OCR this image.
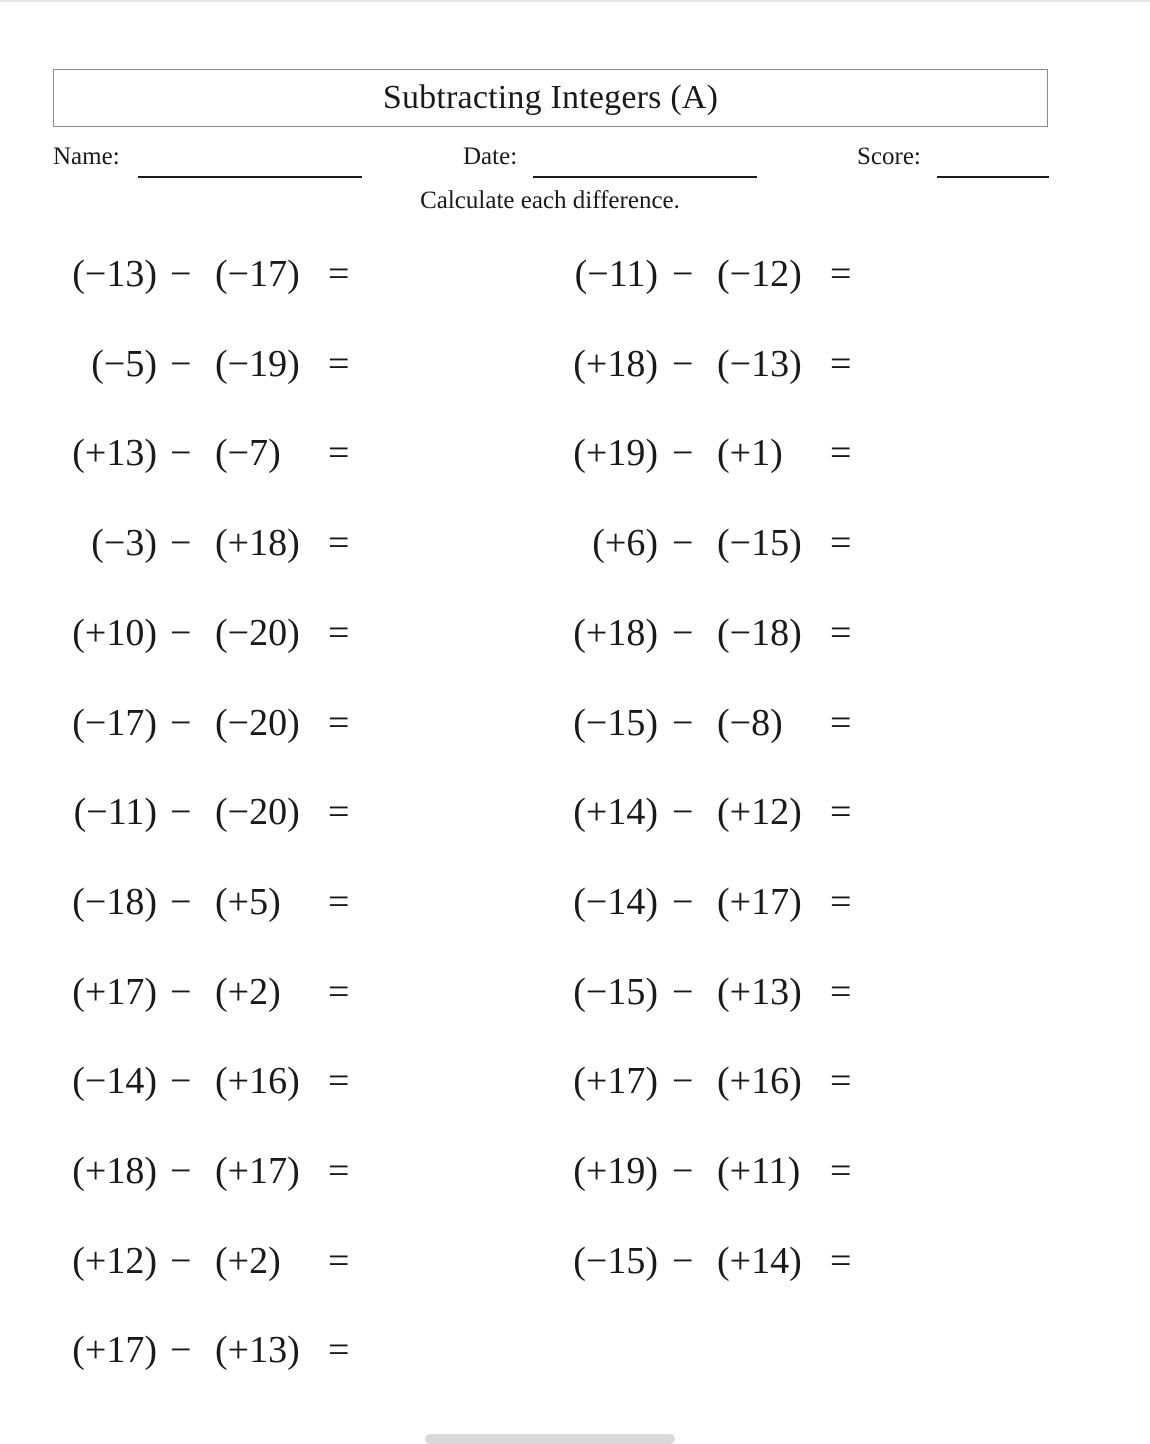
Subtracting Integers (A)
Name:	Date:	Score:
Calculate each difference.
(−13) − (−17) =
(−5) − (−19) =
(+13) − (−7) =
(−3) − (+18) =
(+10) − (−20) =
(−17) − (−20) =
(−11) − (−20) =
(−18) − (+5) =
(+17) − (+2) =
(−14) − (+16) =
(+18) − (+17) =
(+12) − (+2) =
(+17) − (+13) =
(−11) − (−12) =
(+18) − (−13) =
(+19) − (+1) =
(+6) − (−15) =
(+18) − (−18) =
(−15) − (−8) =
(+14) − (+12) =
(−14) − (+17) =
(−15) − (+13) =
(+17) − (+16) =
(+19) − (+11) =
(−15) − (+14) =
